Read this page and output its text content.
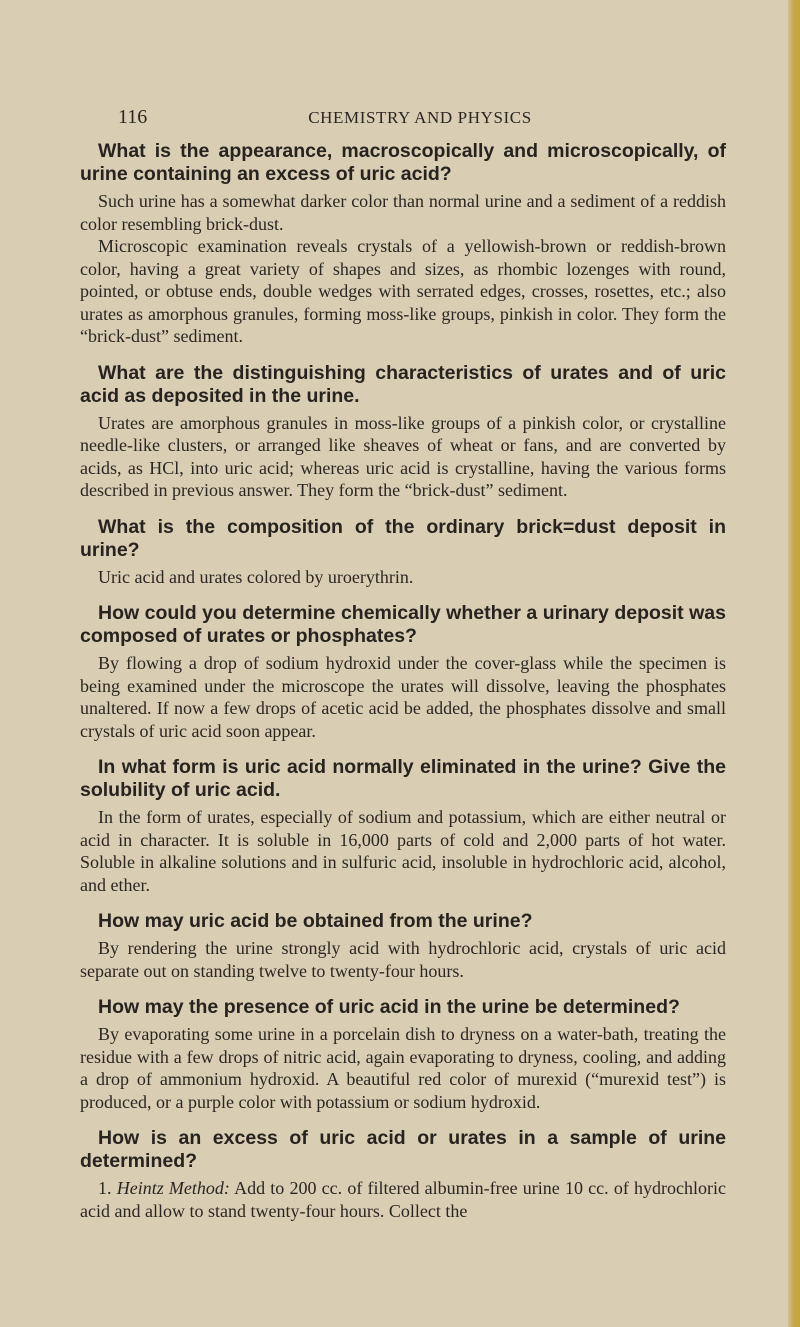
116	CHEMISTRY AND PHYSICS

What is the appearance, macroscopically and microscopically, of urine containing an excess of uric acid?

Such urine has a somewhat darker color than normal urine and a sediment of a reddish color resembling brick-dust.

Microscopic examination reveals crystals of a yellowish-brown or reddish-brown color, having a great variety of shapes and sizes, as rhombic lozenges with round, pointed, or obtuse ends, double wedges with serrated edges, crosses, rosettes, etc.; also urates as amorphous granules, forming moss-like groups, pinkish in color. They form the “brick-dust” sediment.

What are the distinguishing characteristics of urates and of uric acid as deposited in the urine.

Urates are amorphous granules in moss-like groups of a pinkish color, or crystalline needle-like clusters, or arranged like sheaves of wheat or fans, and are converted by acids, as HCl, into uric acid; whereas uric acid is crystalline, having the various forms described in previous answer. They form the “brick-dust” sediment.

What is the composition of the ordinary brick=dust deposit in urine?

Uric acid and urates colored by uroerythrin.

How could you determine chemically whether a urinary deposit was composed of urates or phosphates?

By flowing a drop of sodium hydroxid under the cover-glass while the specimen is being examined under the microscope the urates will dissolve, leaving the phosphates unaltered. If now a few drops of acetic acid be added, the phosphates dissolve and small crystals of uric acid soon appear.

In what form is uric acid normally eliminated in the urine? Give the solubility of uric acid.

In the form of urates, especially of sodium and potassium, which are either neutral or acid in character. It is soluble in 16,000 parts of cold and 2,000 parts of hot water. Soluble in alkaline solutions and in sulfuric acid, insoluble in hydrochloric acid, alcohol, and ether.

How may uric acid be obtained from the urine?

By rendering the urine strongly acid with hydrochloric acid, crystals of uric acid separate out on standing twelve to twenty-four hours.

How may the presence of uric acid in the urine be determined?

By evaporating some urine in a porcelain dish to dryness on a water-bath, treating the residue with a few drops of nitric acid, again evaporating to dryness, cooling, and adding a drop of ammonium hydroxid. A beautiful red color of murexid (“murexid test”) is produced, or a purple color with potassium or sodium hydroxid.

How is an excess of uric acid or urates in a sample of urine determined?

1. Heintz Method: Add to 200 cc. of filtered albumin-free urine 10 cc. of hydrochloric acid and allow to stand twenty-four hours. Collect the
